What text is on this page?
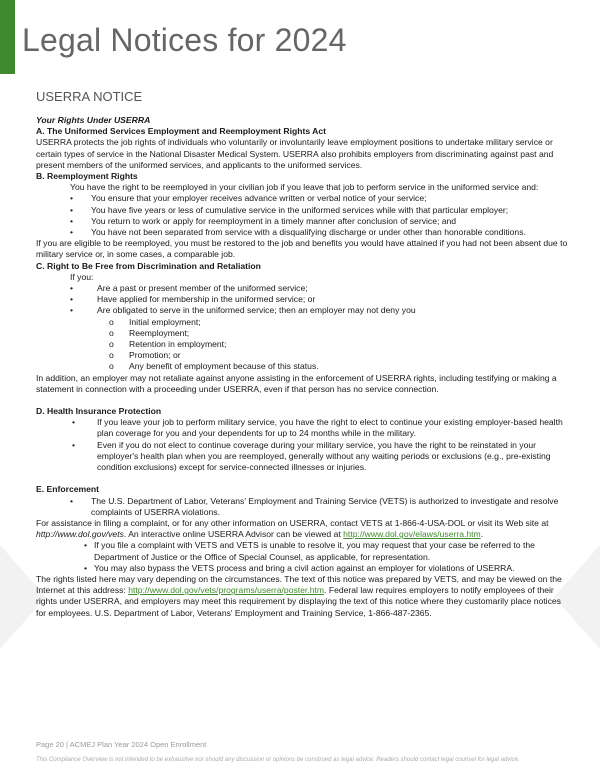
Legal Notices for 2024
USERRA NOTICE

Your Rights Under USERRA

A. The Uniformed Services Employment and Reemployment Rights Act

USERRA protects the job rights of individuals who voluntarily or involuntarily leave employment positions to undertake military service or certain types of service in the National Disaster Medical System. USERRA also prohibits employers from discriminating against past and present members of the uniformed services, and applicants to the uniformed services.

B. Reemployment Rights

You have the right to be reemployed in your civilian job if you leave that job to perform service in the uniformed service and:

• You ensure that your employer receives advance written or verbal notice of your service;

• You have five years or less of cumulative service in the uniformed services while with that particular employer;

• You return to work or apply for reemployment in a timely manner after conclusion of service; and

• You have not been separated from service with a disqualifying discharge or under other than honorable conditions.

If you are eligible to be reemployed, you must be restored to the job and benefits you would have attained if you had not been absent due to military service or, in some cases, a comparable job.

C. Right to Be Free from Discrimination and Retaliation

If you:

•	Are a past or present member of the uniformed service;

•	Have applied for membership in the uniformed service; or

•	Are obligated to serve in the uniformed service; then an employer may not deny you

o Initial employment;

o Reemployment;

o Retention in employment;

o Promotion; or

o Any benefit of employment because of this status.

In addition, an employer may not retaliate against anyone assisting in the enforcement of USERRA rights, including testifying or making a statement in connection with a proceeding under USERRA, even if that person has no service connection.

D. Health Insurance Protection

•	If you leave your job to perform military service, you have the right to elect to continue your existing employer-based health plan coverage for you and your dependents for up to 24 months while in the military.

•	Even if you do not elect to continue coverage during your military service, you have the right to be reinstated in your employer's health plan when you are reemployed, generally without any waiting periods or exclusions (e.g., pre-existing condition exclusions) except for service-connected illnesses or injuries.

E. Enforcement

• The U.S. Department of Labor, Veterans' Employment and Training Service (VETS) is authorized to investigate and resolve complaints of USERRA violations.

For assistance in filing a complaint, or for any other information on USERRA, contact VETS at 1-866-4-USA-DOL or visit its Web site at http://www.dol.gov/vets. An interactive online USERRA Advisor can be viewed at http://www.dol.gov/elaws/userra.htm.

• If you file a complaint with VETS and VETS is unable to resolve it, you may request that your case be referred to the Department of Justice or the Office of Special Counsel, as applicable, for representation.

• You may also bypass the VETS process and bring a civil action against an employer for violations of USERRA.

The rights listed here may vary depending on the circumstances. The text of this notice was prepared by VETS, and may be viewed on the Internet at this address: http://www.dol.gov/vets/programs/userra/poster.htm. Federal law requires employers to notify employees of their rights under USERRA, and employers may meet this requirement by displaying the text of this notice where they customarily place notices for employees. U.S. Department of Labor, Veterans' Employment and Training Service, 1-866-487-2365.

Page 20 | ACMEJ Plan Year 2024 Open Enrollment
This Compliance Overview is not intended to be exhaustive nor should any discussion or opinions be construed as legal advice. Readers should contact legal counsel for legal advice.
